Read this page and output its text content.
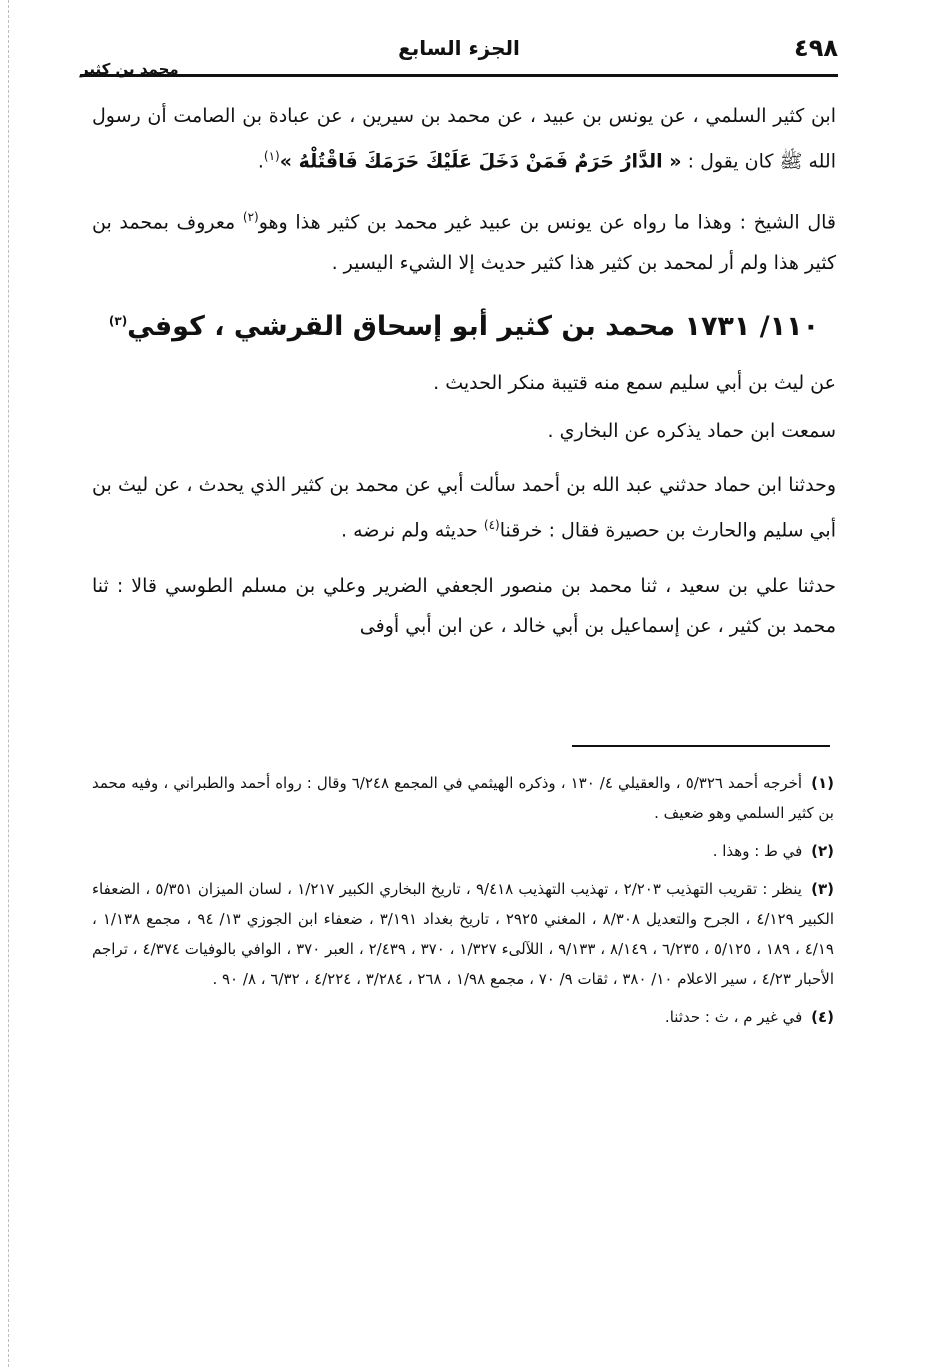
٤٩٨
الجزء السابع
محمد بن كثير

ابن كثير السلمي ، عن يونس بن عبيد ، عن محمد بن سيرين ، عن عبادة بن الصامت أن رسول الله ﷺ كان يقول : « الدَّارُ حَرَمٌ فَمَنْ دَخَلَ عَلَيْكَ حَرَمَكَ فَاقْتُلْهُ »$^{(١)}$.

قال الشيخ : وهذا ما رواه عن يونس بن عبيد غير محمد بن كثير هذا وهو$^{(٢)}$ معروف بمحمد بن كثير هذا ولم أر لمحمد بن كثير هذا كثير حديث إلا الشيء اليسير .

١١٠/ ١٧٣١ محمد بن كثير أبو إسحاق القرشي ، كوفي$^{(٣)}$

عن ليث بن أبي سليم سمع منه قتيبة منكر الحديث .

سمعت ابن حماد يذكره عن البخاري .

وحدثنا ابن حماد حدثني عبد الله بن أحمد سألت أبي عن محمد بن كثير الذي يحدث ، عن ليث بن أبي سليم والحارث بن حصيرة فقال : خرقنا$^{(٤)}$ حديثه ولم نرضه .

حدثنا علي بن سعيد ، ثنا محمد بن منصور الجعفي الضرير وعلي بن مسلم الطوسي قالا : ثنا محمد بن كثير ، عن إسماعيل بن أبي خالد ، عن ابن أبي أوفى

(١) أخرجه أحمد ٥/٣٢٦ ، والعقيلي ٤/ ١٣٠ ، وذكره الهيثمي في المجمع ٦/٢٤٨ وقال : رواه أحمد والطبراني ، وفيه محمد بن كثير السلمي وهو ضعيف .

(٢) في ط : وهذا .

(٣) ينظر : تقريب التهذيب ٢/٢٠٣ ، تهذيب التهذيب ٩/٤١٨ ، تاريخ البخاري الكبير ١/٢١٧ ، لسان الميزان ٥/٣٥١ ، الضعفاء الكبير ٤/١٢٩ ، الجرح والتعديل ٨/٣٠٨ ، المغني ٢٩٢٥ ، تاريخ بغداد ٣/١٩١ ، ضعفاء ابن الجوزي ١٣/ ٩٤ ، مجمع ١/١٣٨ ، ٤/١٩ ، ١٨٩ ، ٥/١٢٥ ، ٦/٢٣٥ ، ٨/١٤٩ ، ٩/١٣٣ ، اللآلىء ١/٣٢٧ ، ٣٧٠ ، ٢/٤٣٩ ، العبر ٣٧٠ ، الوافي بالوفيات ٤/٣٧٤ ، تراجم الأحبار ٤/٢٣ ، سير الاعلام ١٠/ ٣٨٠ ، ثقات ٩/ ٧٠ ، مجمع ١/٩٨ ، ٢٦٨ ، ٣/٢٨٤ ، ٤/٢٢٤ ، ٦/٣٢ ، ٨/ ٩٠ .

(٤) في غير م ، ث : حدثنا.
